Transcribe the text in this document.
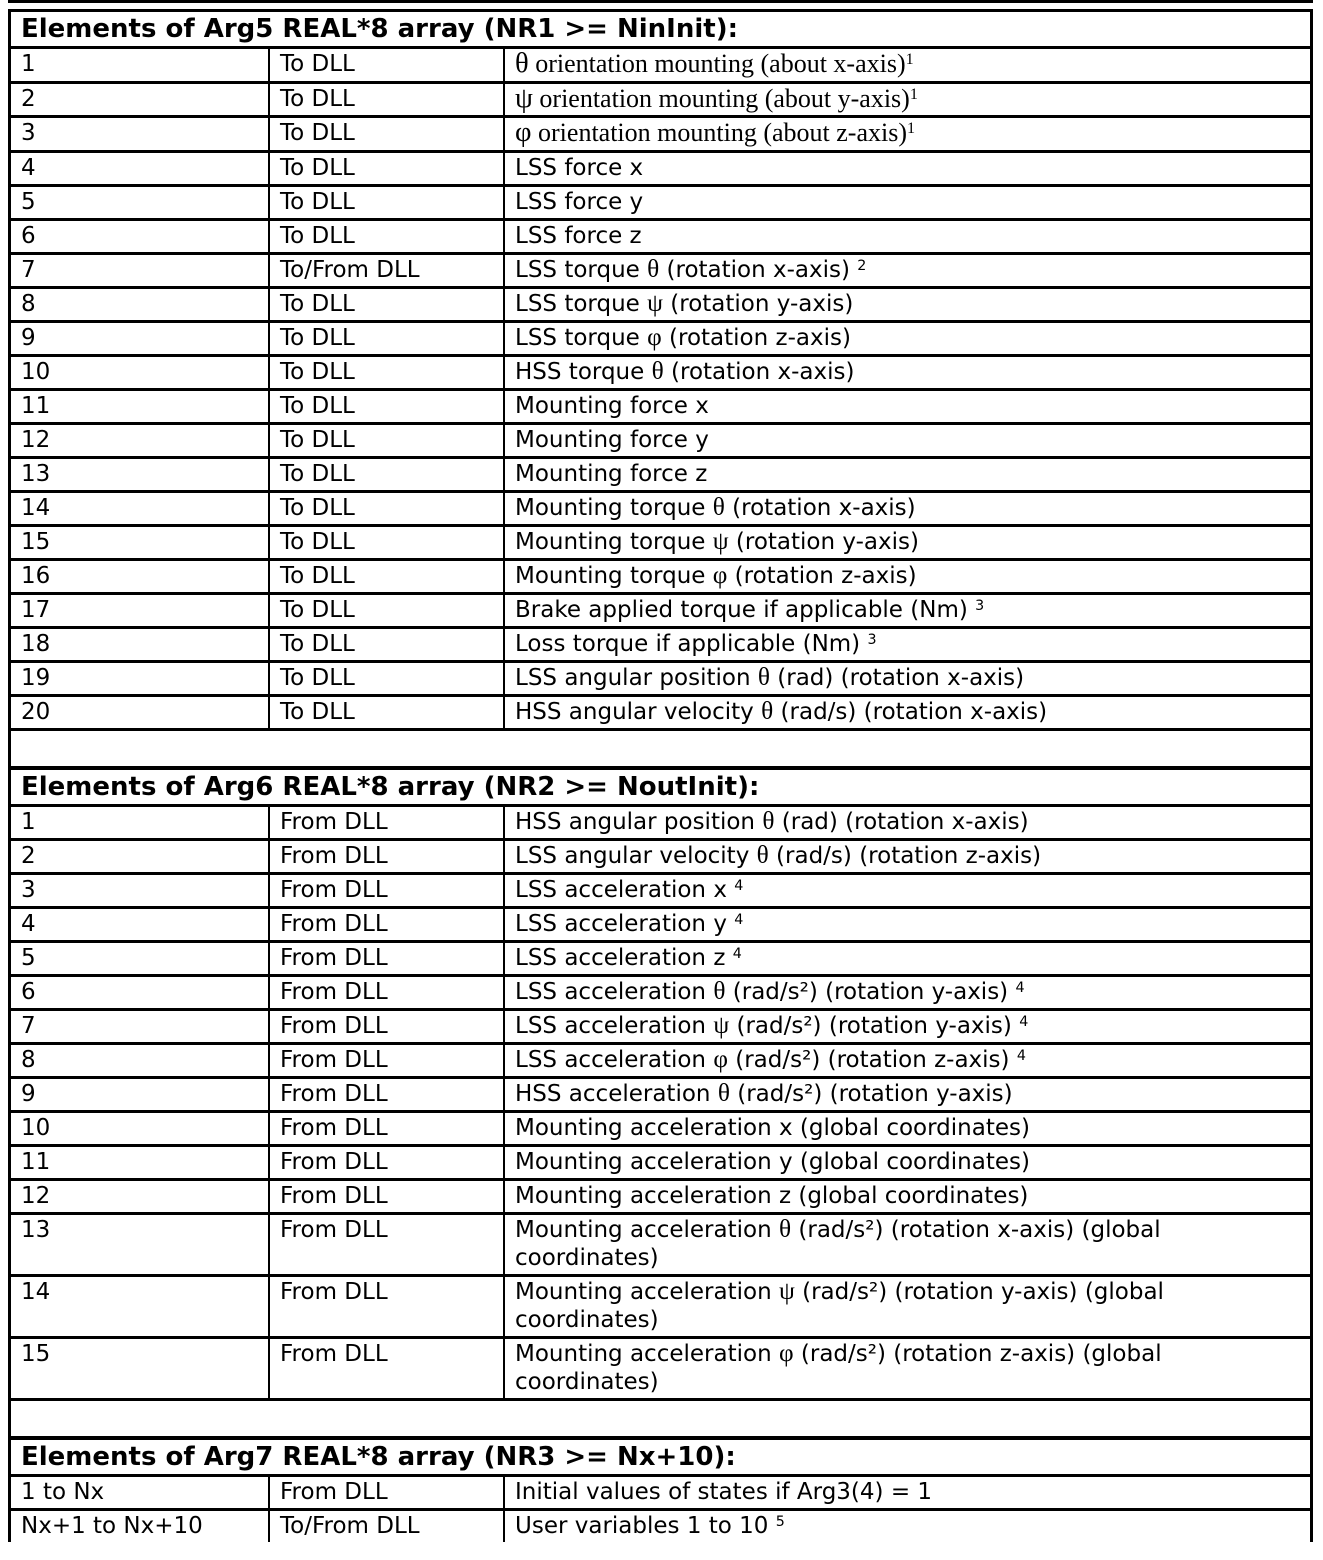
Elements of Arg5 REAL*8 array (NR1 >= NinInit):
1	To DLL	θ orientation mounting (about x-axis)$^1$
2	To DLL	ψ orientation mounting (about y-axis)$^1$
3	To DLL	φ orientation mounting (about z-axis)$^1$
4	To DLL	LSS force x
5	To DLL	LSS force y
6	To DLL	LSS force z
7	To/From DLL	LSS torque θ (rotation x-axis) $^2$
8	To DLL	LSS torque ψ (rotation y-axis)
9	To DLL	LSS torque φ (rotation z-axis)
10	To DLL	HSS torque θ (rotation x-axis)
11	To DLL	Mounting force x
12	To DLL	Mounting force y
13	To DLL	Mounting force z
14	To DLL	Mounting torque θ (rotation x-axis)
15	To DLL	Mounting torque ψ (rotation y-axis)
16	To DLL	Mounting torque φ (rotation z-axis)
17	To DLL	Brake applied torque if applicable (Nm) $^3$
18	To DLL	Loss torque if applicable (Nm) $^3$
19	To DLL	LSS angular position θ (rad) (rotation x-axis)
20	To DLL	HSS angular velocity θ (rad/s) (rotation x-axis)
Elements of Arg6 REAL*8 array (NR2 >= NoutInit):
1	From DLL	HSS angular position θ (rad) (rotation x-axis)
2	From DLL	LSS angular velocity θ (rad/s) (rotation z-axis)
3	From DLL	LSS acceleration x $^4$
4	From DLL	LSS acceleration y $^4$
5	From DLL	LSS acceleration z $^4$
6	From DLL	LSS acceleration θ (rad/s²) (rotation y-axis) $^4$
7	From DLL	LSS acceleration ψ (rad/s²) (rotation y-axis) $^4$
8	From DLL	LSS acceleration φ (rad/s²) (rotation z-axis) $^4$
9	From DLL	HSS acceleration θ (rad/s²) (rotation y-axis)
10	From DLL	Mounting acceleration x (global coordinates)
11	From DLL	Mounting acceleration y (global coordinates)
12	From DLL	Mounting acceleration z (global coordinates)
13	From DLL	Mounting acceleration θ (rad/s²) (rotation x-axis) (global coordinates)
14	From DLL	Mounting acceleration ψ (rad/s²) (rotation y-axis) (global coordinates)
15	From DLL	Mounting acceleration φ (rad/s²) (rotation z-axis) (global coordinates)
Elements of Arg7 REAL*8 array (NR3 >= Nx+10):
1 to Nx	From DLL	Initial values of states if Arg3(4) = 1
Nx+1 to Nx+10	To/From DLL	User variables 1 to 10 $^5$
